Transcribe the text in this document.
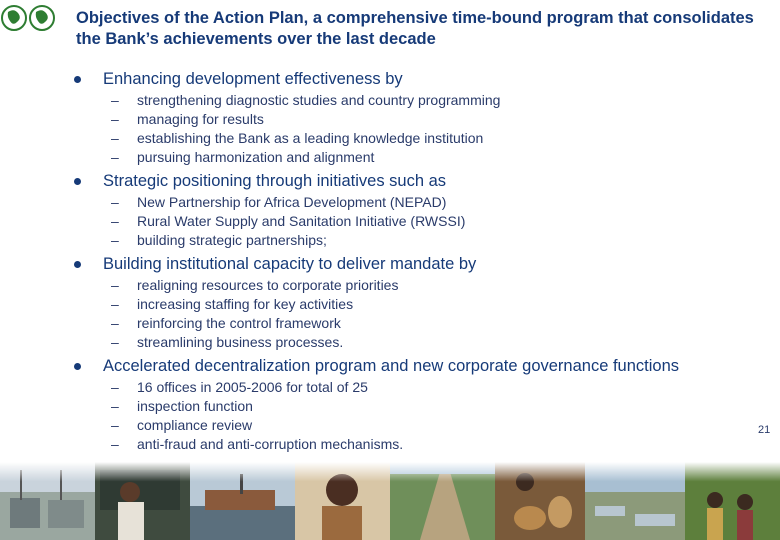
Objectives of the Action Plan, a comprehensive time-bound program that consolidates the Bank’s achievements over the last decade
Enhancing development effectiveness by
–	strengthening diagnostic studies and country programming
–	managing for results
–	establishing the Bank as a leading knowledge institution
–	pursuing harmonization and alignment
Strategic positioning through initiatives such as
–	New Partnership for Africa Development (NEPAD)
–	Rural Water Supply and Sanitation Initiative (RWSSI)
–	building strategic partnerships;
Building institutional capacity to deliver mandate by
–	realigning resources to corporate priorities
–	increasing staffing for key activities
–	reinforcing the control framework
–	streamlining business processes.
Accelerated decentralization program and new corporate governance functions
–	16 offices in 2005-2006 for total of 25
–	inspection function
–	compliance review
–	anti-fraud and anti-corruption mechanisms.
21
